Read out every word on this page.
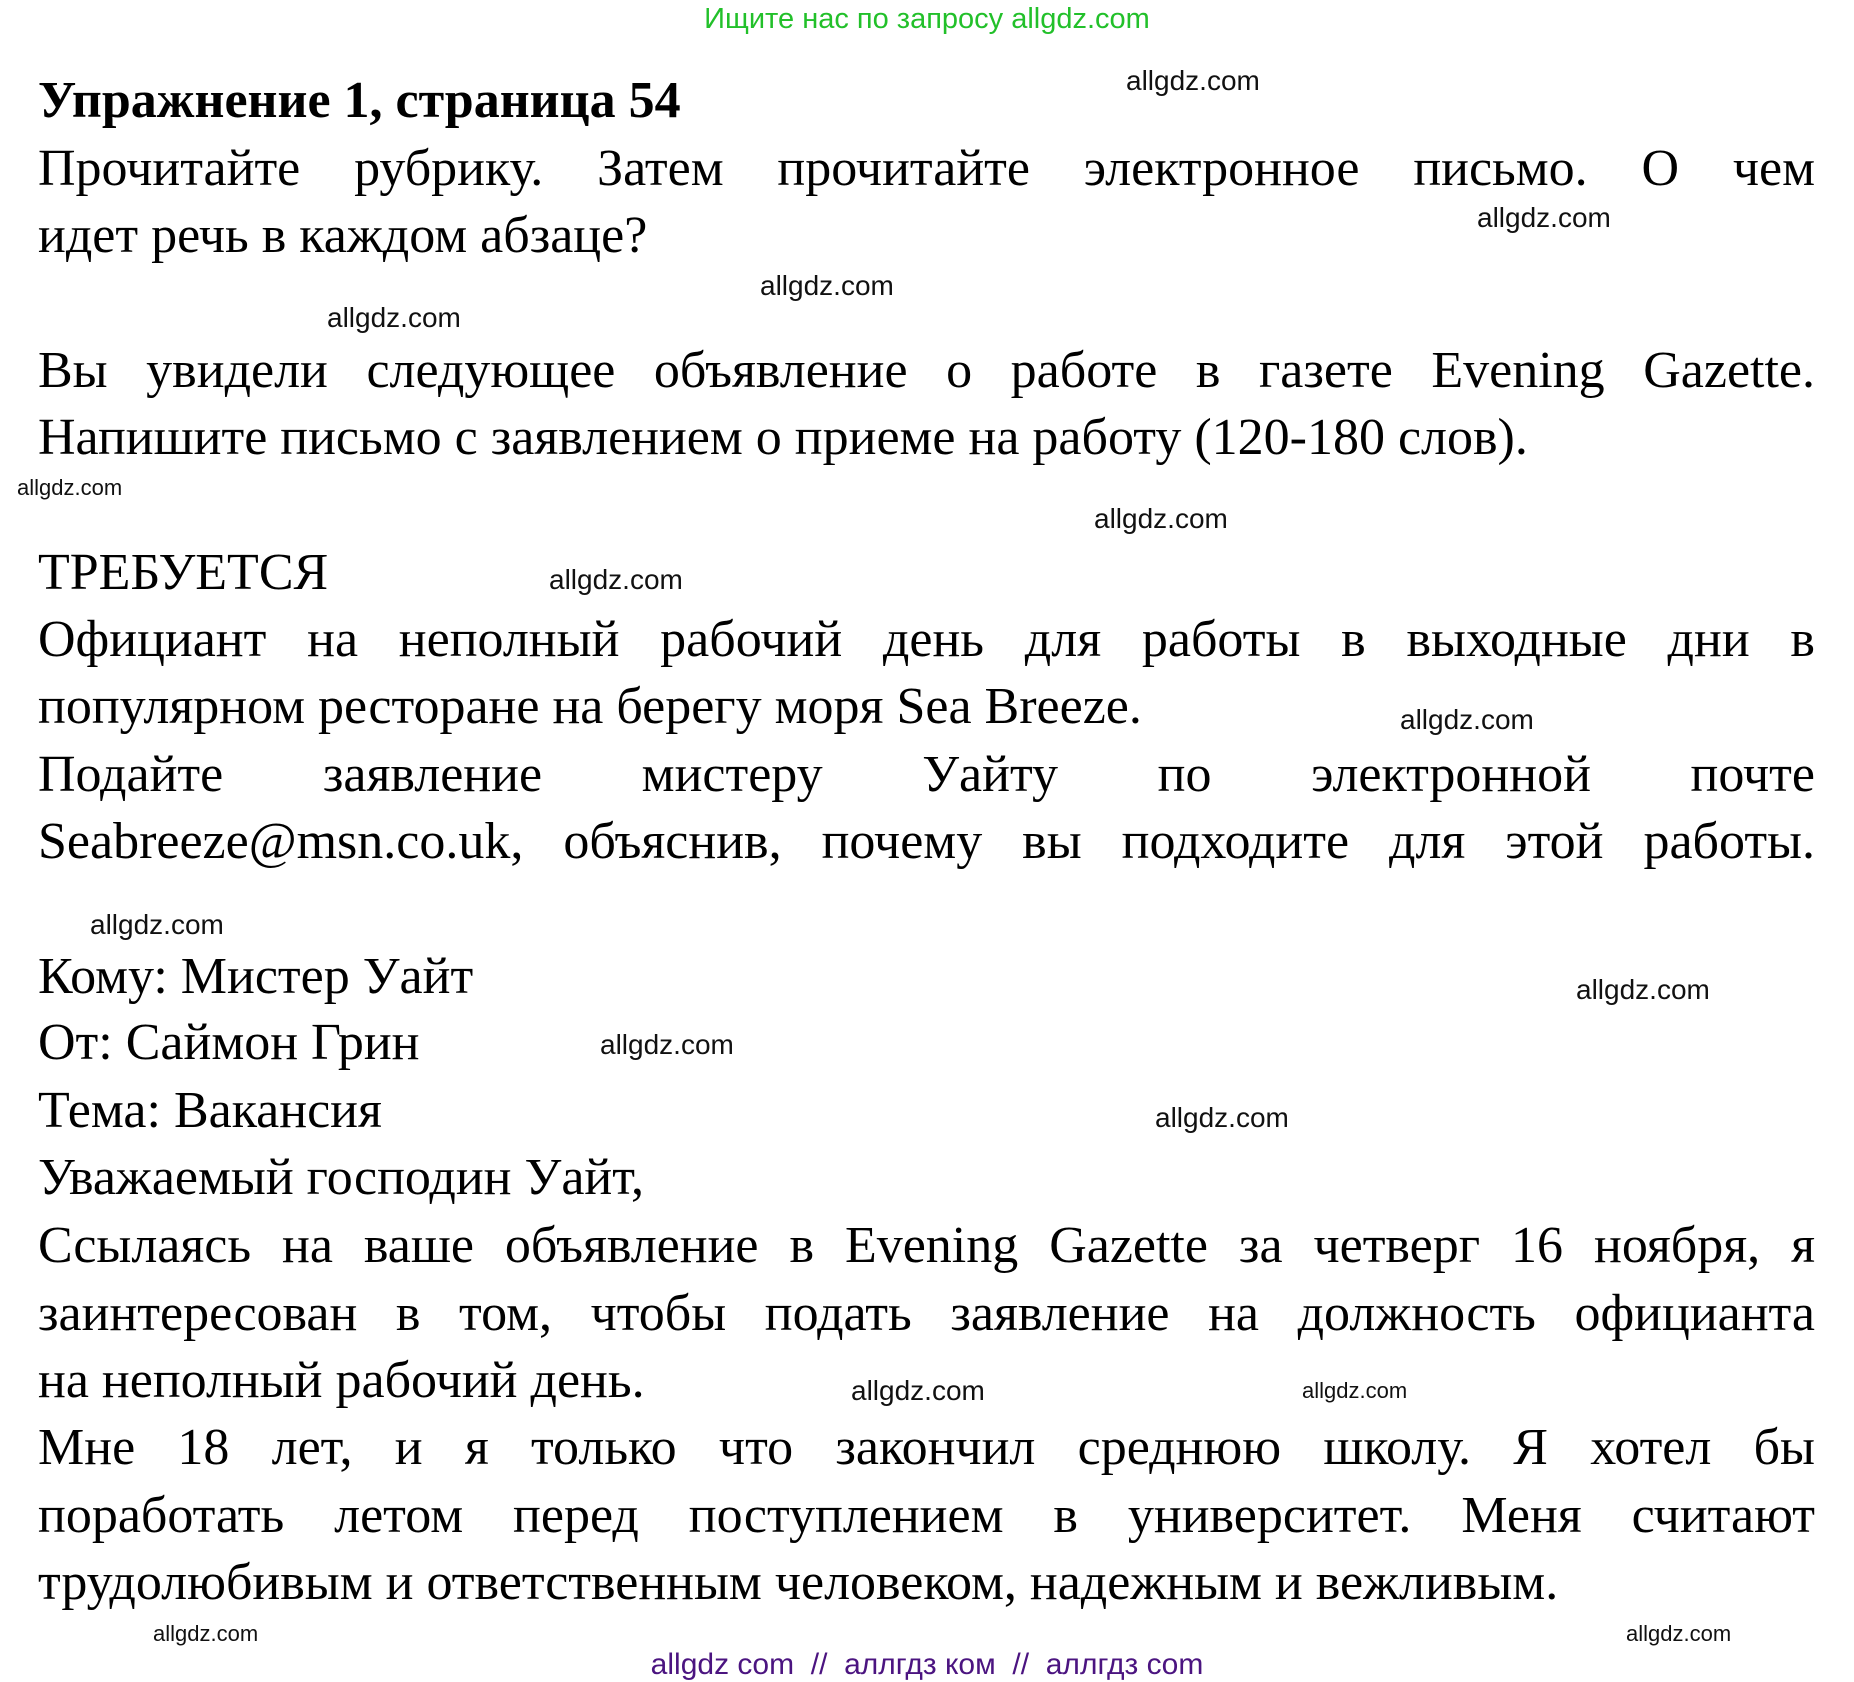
Ищите нас по запросу allgdz.com
Упражнение 1, страница 54
Прочитайте рубрику. Затем прочитайте электронное письмо. О чем
идет речь в каждом абзаце?
Вы увидели следующее объявление о работе в газете Evening Gazette.
Напишите письмо с заявлением о приеме на работу (120-180 слов).
ТРЕБУЕТСЯ
Официант на неполный рабочий день для работы в выходные дни в
популярном ресторане на берегу моря Sea Breeze.
Подайте заявление мистеру Уайту по электронной почте
Seabreeze@msn.co.uk, объяснив, почему вы подходите для этой работы.
Кому: Мистер Уайт
От: Саймон Грин
Тема: Вакансия
Уважаемый господин Уайт,
Ссылаясь на ваше объявление в Evening Gazette за четверг 16 ноября, я
заинтересован в том, чтобы подать заявление на должность официанта
на неполный рабочий день.
Мне 18 лет, и я только что закончил среднюю школу. Я хотел бы
поработать летом перед поступлением в университет. Меня считают
трудолюбивым и ответственным человеком, надежным и вежливым.
allgdz.com
allgdz.com
allgdz.com
allgdz.com
allgdz.com
allgdz.com
allgdz.com
allgdz.com
allgdz.com
allgdz.com
allgdz.com
allgdz.com
allgdz.com	allgdz.com
allgdz.com
allgdz.com
allgdz com  //  аллгдз ком  //  аллгдз com
